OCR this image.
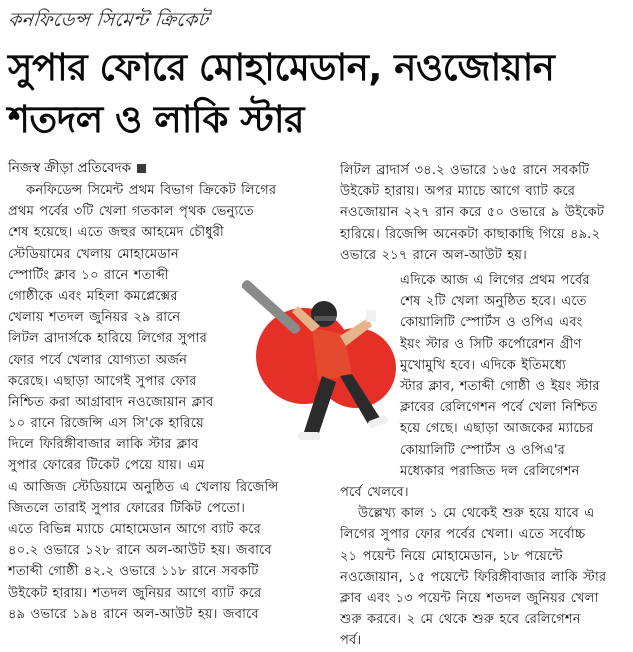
কনফিডেন্স সিমেন্ট ক্রিকেট
সুপার ফোরে মোহামেডান, নওজোয়ান
শতদল ও লাকি স্টার
নিজস্ব ক্রীড়া প্রতিবেদক
কনফিডেন্স সিমেন্ট প্রথম বিভাগ ক্রিকেট লিগের
প্রথম পর্বের ৩টি খেলা গতকাল পৃথক ভেন্যুতে
শেষ হয়েছে। এতে জহুর আহমেদ চৌধুরী
স্টেডিয়ামের খেলায় মোহামেডান
স্পোর্টিং ক্লাব ১০ রানে শতাব্দী
গোষ্ঠীকে এবং মহিলা কমপ্লেক্সের
খেলায় শতদল জুনিয়র ২৯ রানে
লিটল ব্রাদার্সকে হারিয়ে লিগের সুপার
ফোর পর্বে খেলার যোগ্যতা অর্জন
করেছে। এছাড়া আগেই সুপার ফোর
নিশ্চিত করা আগ্রাবাদ নওজোয়ান ক্লাব
১০ রানে রিজেন্সি এস সি'কে হারিয়ে
দিলে ফিরিঙ্গীবাজার লাকি স্টার ক্লাব
সুপার ফোরের টিকেট পেয়ে যায়। এম
এ আজিজ স্টেডিয়ামে অনুষ্ঠিত এ খেলায় রিজেন্সি
জিতলে তারাই সুপার ফোরের টিকিট পেতো।
এতে বিভিন্ন ম্যাচে মোহামেডান আগে ব্যাট করে
৪০.২ ওভারে ১২৮ রানে অল-আউট হয়। জবাবে
শতাব্দী গোষ্ঠী ৪২.২ ওভারে ১১৮ রানে সবকটি
উইকেট হারায়। শতদল জুনিয়র আগে ব্যাট করে
৪৯ ওভারে ১৯৪ রানে অল-আউট হয়। জবাবে
লিটল ব্রাদার্স ৩৪.২ ওভারে ১৬৫ রানে সবকটি
উইকেট হারায়। অপর ম্যাচে আগে ব্যাট করে
নওজোয়ান ২২৭ রান করে ৫০ ওভারে ৯ উইকেট
হারিয়ে। রিজেন্সি অনেকটা কাছাকাছি গিয়ে ৪৯.২
ওভারে ২১৭ রানে অল-আউট হয়।
এদিকে আজ এ লিগের প্রথম পর্বের
শেষ ২টি খেলা অনুষ্ঠিত হবে। এতে
কোয়ালিটি স্পোর্টস ও ওপিএ এবং
ইয়ং স্টার ও সিটি কর্পোরেশন গ্রীণ
মুখোমুখি হবে। এদিকে ইতিমধ্যে
স্টার ক্লাব, শতাব্দী গোষ্ঠী ও ইয়ং স্টার
ক্লাবের রেলিগেশন পর্বে খেলা নিশ্চিত
হয়ে গেছে। এছাড়া আজকের ম্যাচের
কোয়ালিটি স্পোর্টস ও ওপিএ'র
মধ্যেকার পরাজিত দল রেলিগেশন
পর্বে খেলবে।
উল্লেখ্য কাল ১ মে থেকেই শুরু হয়ে যাবে এ
লিগের সুপার ফোর পর্বের খেলা। এতে সর্বোচ্চ
২১ পয়েন্ট নিয়ে মোহামেডান, ১৮ পয়েন্টে
নওজোয়ান, ১৫ পয়েন্টে ফিরিঙ্গীবাজার লাকি স্টার
ক্লাব এবং ১৩ পয়েন্ট নিয়ে শতদল জুনিয়র খেলা
শুরু করবে। ২ মে থেকে শুরু হবে রেলিগেশন
পর্ব।
